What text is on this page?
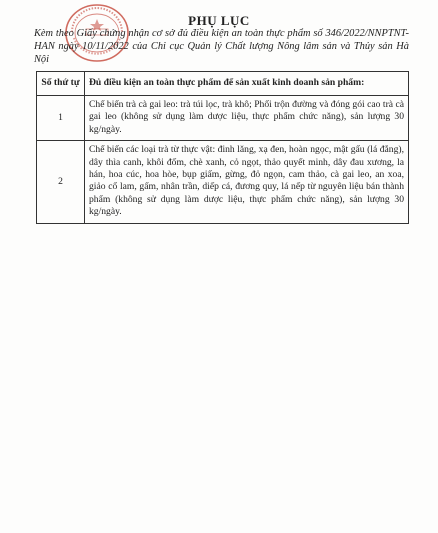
PHỤ LỤC
Kèm theo Giấy chứng nhận cơ sở đủ điều kiện an toàn thực phẩm số 346/2022/NNPTNT-HAN ngày 10/11/2022 của Chi cục Quản lý Chất lượng Nông lâm sản và Thủy sản Hà Nội
Số thứ tự	Đủ điều kiện an toàn thực phẩm để sản xuất kinh doanh sản phẩm:
1	Chế biến trà cà gai leo: trà túi lọc, trà khô; Phối trộn đường và đóng gói cao trà cà gai leo (không sử dụng làm dược liệu, thực phẩm chức năng), sản lượng 30 kg/ngày.
2	Chế biến các loại trà từ thực vật: đinh lăng, xạ đen, hoàn ngọc, mật gấu (lá đắng), dây thìa canh, khôi đốm, chè xanh, cỏ ngọt, thảo quyết minh, dây đau xương, la hán, hoa cúc, hoa hòe, bụp giấm, gừng, đỏ ngọn, cam thảo, cà gai leo, an xoa, giảo cổ lam, gấm, nhân trần, diếp cá, đương quy, lá nếp từ nguyên liệu bán thành phẩm (không sử dụng làm dược liệu, thực phẩm chức năng), sản lượng 30 kg/ngày.
